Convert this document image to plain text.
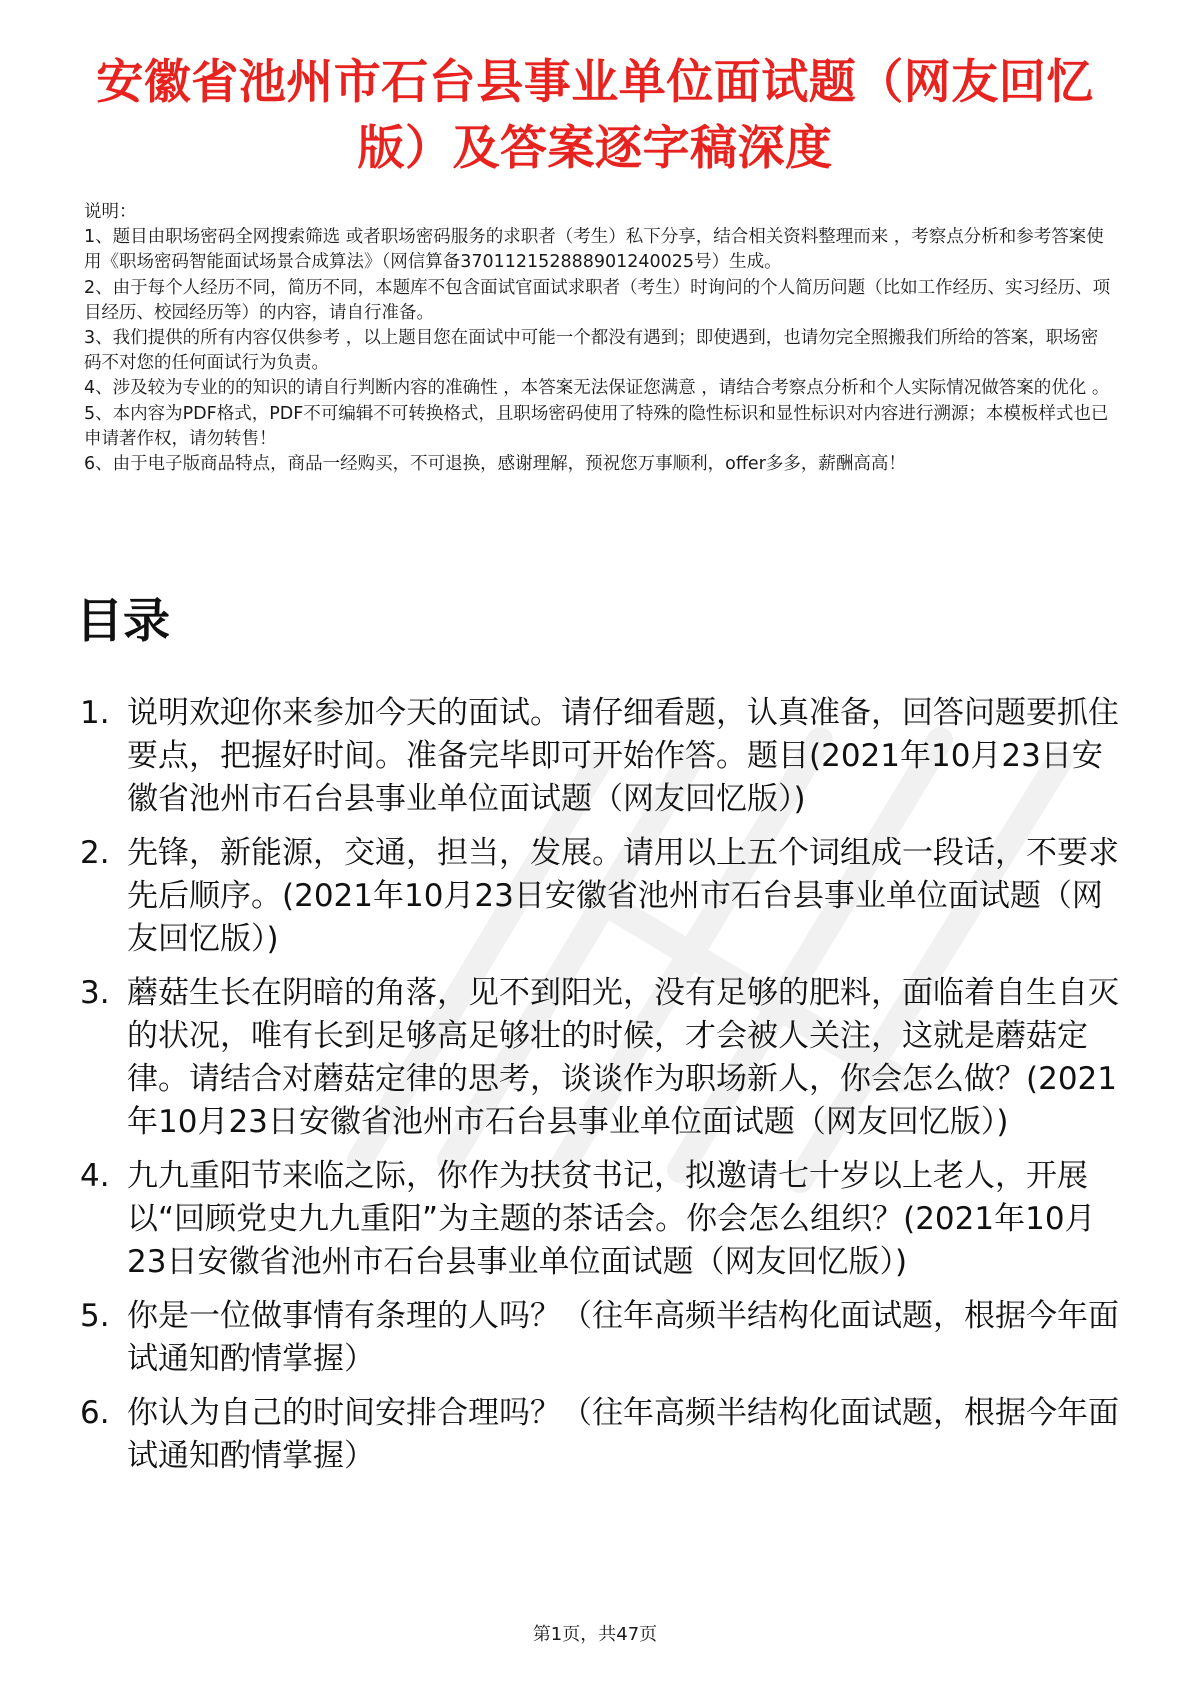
安徽省池州市石台县事业单位面试题（网友回忆版）及答案逐字稿深度

说明：

1、题目由职场密码全网搜索筛选 或者职场密码服务的求职者（考生）私下分享，结合相关资料整理而来 ，考察点分析和参考答案使用《职场密码智能面试场景合成算法》（网信算备370112152888901240025号）生成。

2、由于每个人经历不同，简历不同，本题库不包含面试官面试求职者（考生）时询问的个人简历问题（比如工作经历、实习经历、项目经历、校园经历等）的内容，请自行准备。

3、我们提供的所有内容仅供参考 ，以上题目您在面试中可能一个都没有遇到；即使遇到，也请勿完全照搬我们所给的答案，职场密码不对您的任何面试行为负责。

4、涉及较为专业的的知识的请自行判断内容的准确性 ，本答案无法保证您满意 ，请结合考察点分析和个人实际情况做答案的优化 。

5、本内容为PDF格式，PDF不可编辑不可转换格式，且职场密码使用了特殊的隐性标识和显性标识对内容进行溯源；本模板样式也已申请著作权，请勿转售！

6、由于电子版商品特点，商品一经购买，不可退换，感谢理解，预祝您万事顺利，offer多多，薪酬高高！

目录
1. 说明欢迎你来参加今天的面试。请仔细看题，认真准备，回答问题要抓住要点，把握好时间。准备完毕即可开始作答。题目(2021年10月23日安徽省池州市石台县事业单位面试题（网友回忆版）)
2. 先锋，新能源，交通，担当，发展。请用以上五个词组成一段话，不要求先后顺序。(2021年10月23日安徽省池州市石台县事业单位面试题（网友回忆版）)
3. 蘑菇生长在阴暗的角落，见不到阳光，没有足够的肥料，面临着自生自灭的状况，唯有长到足够高足够壮的时候，才会被人关注，这就是蘑菇定律。请结合对蘑菇定律的思考，谈谈作为职场新人，你会怎么做？(2021年10月23日安徽省池州市石台县事业单位面试题（网友回忆版）)
4. 九九重阳节来临之际，你作为扶贫书记，拟邀请七十岁以上老人，开展以“回顾党史九九重阳”为主题的茶话会。你会怎么组织？(2021年10月23日安徽省池州市石台县事业单位面试题（网友回忆版）)
5. 你是一位做事情有条理的人吗？（往年高频半结构化面试题，根据今年面试通知酌情掌握）
6. 你认为自己的时间安排合理吗？（往年高频半结构化面试题，根据今年面试通知酌情掌握）
第1页，共47页
